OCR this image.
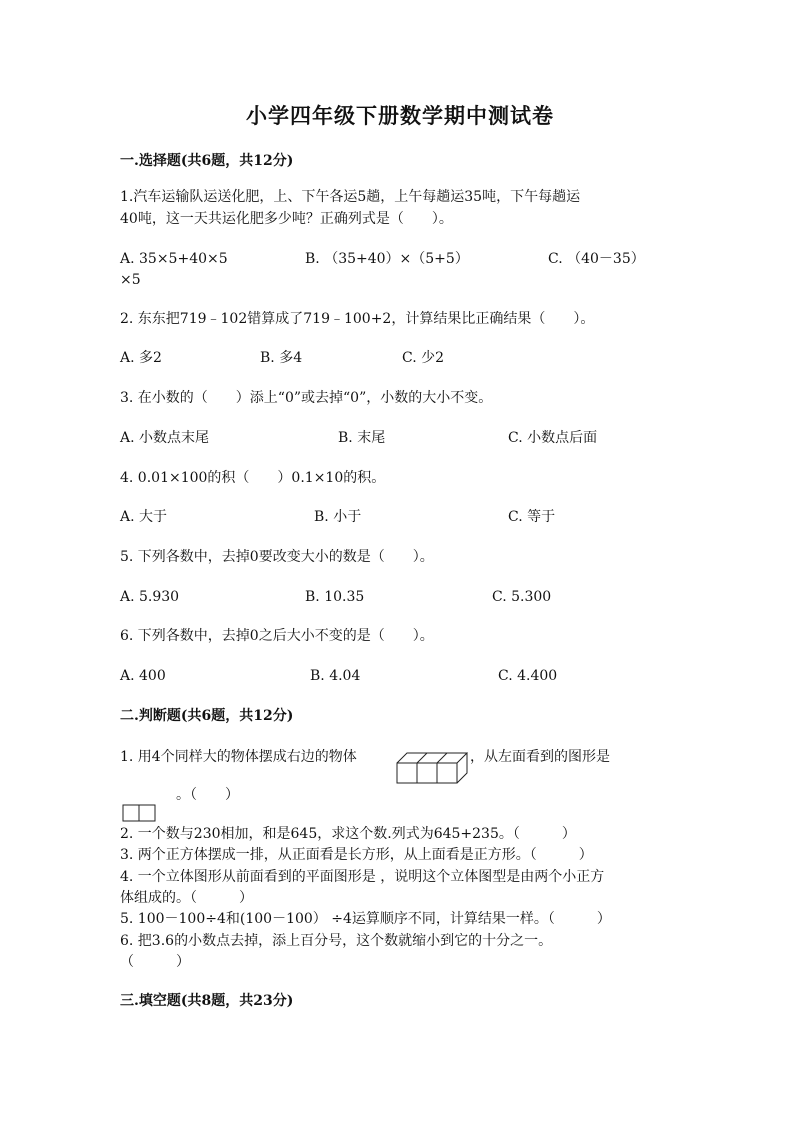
小学四年级下册数学期中测试卷
一.选择题(共6题，共12分)
1.汽车运输队运送化肥，上、下午各运5趟，上午每趟运35吨，下午每趟运
40吨，这一天共运化肥多少吨？正确列式是（　　）。
A. 35×5+40×5	B. （35+40）×（5+5）	C. （40－35）
×5
2. 东东把719﹣102错算成了719﹣100+2，计算结果比正确结果（　　）。
A. 多2	B. 多4	C. 少2
3. 在小数的（　　）添上“0”或去掉“0”，小数的大小不变。
A. 小数点末尾	B. 末尾	C. 小数点后面
4. 0.01×100的积（　　）0.1×10的积。
A. 大于	B. 小于	C. 等于
5. 下列各数中，去掉0要改变大小的数是（　　）。
A. 5.930	B. 10.35	C. 5.300
6. 下列各数中，去掉0之后大小不变的是（　　）。
A. 400	B. 4.04	C. 4.400
二.判断题(共6题，共12分)
1. 用4个同样大的物体摆成右边的物体	，从左面看到的图形是
。（　　）
2. 一个数与230相加，和是645，求这个数.列式为645+235。（　　　）
3. 两个正方体摆成一排，从正面看是长方形，从上面看是正方形。（　　　）
4. 一个立体图形从前面看到的平面图形是 ，说明这个立体图型是由两个小正方
体组成的。（　　　）
5. 100－100÷4和(100－100） ÷4运算顺序不同，计算结果一样。（　　　）
6. 把3.6的小数点去掉，添上百分号，这个数就缩小到它的十分之一。
（　　　）
三.填空题(共8题，共23分)
